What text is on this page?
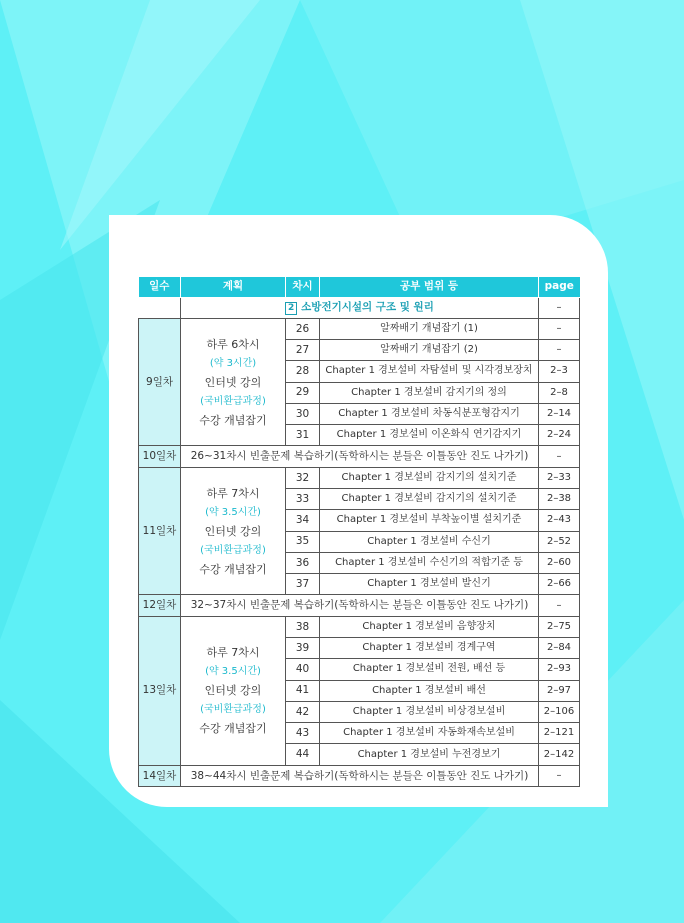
일수	계획	차시	공부 범위 등	page
	2 소방전기시설의 구조 및 원리			–
9일차	하루 6차시
(약 3시간)
인터넷 강의
(국비환급과정)
수강 개념잡기	26	알짜배기 개념잡기 (1)	–
		27	알짜배기 개념잡기 (2)	–
		28	Chapter 1 경보설비 자탐설비 및 시각경보장치	2–3
		29	Chapter 1 경보설비 감지기의 정의	2–8
		30	Chapter 1 경보설비 차동식분포형감지기	2–14
		31	Chapter 1 경보설비 이온화식 연기감지기	2–24
10일차	26~31차시 빈출문제 복습하기(독학하시는 분들은 이틀동안 진도 나가기)			–
11일차	하루 7차시
(약 3.5시간)
인터넷 강의
(국비환급과정)
수강 개념잡기	32	Chapter 1 경보설비 감지기의 설치기준	2–33
		33	Chapter 1 경보설비 감지기의 설치기준	2–38
		34	Chapter 1 경보설비 부착높이별 설치기준	2–43
		35	Chapter 1 경보설비 수신기	2–52
		36	Chapter 1 경보설비 수신기의 적합기준 등	2–60
		37	Chapter 1 경보설비 발신기	2–66
12일차	32~37차시 빈출문제 복습하기(독학하시는 분들은 이틀동안 진도 나가기)			–
13일차	하루 7차시
(약 3.5시간)
인터넷 강의
(국비환급과정)
수강 개념잡기	38	Chapter 1 경보설비 음향장치	2–75
		39	Chapter 1 경보설비 경계구역	2–84
		40	Chapter 1 경보설비 전원, 배선 등	2–93
		41	Chapter 1 경보설비 배선	2–97
		42	Chapter 1 경보설비 비상경보설비	2–106
		43	Chapter 1 경보설비 자동화재속보설비	2–121
		44	Chapter 1 경보설비 누전경보기	2–142
14일차	38~44차시 빈출문제 복습하기(독학하시는 분들은 이틀동안 진도 나가기)			–
